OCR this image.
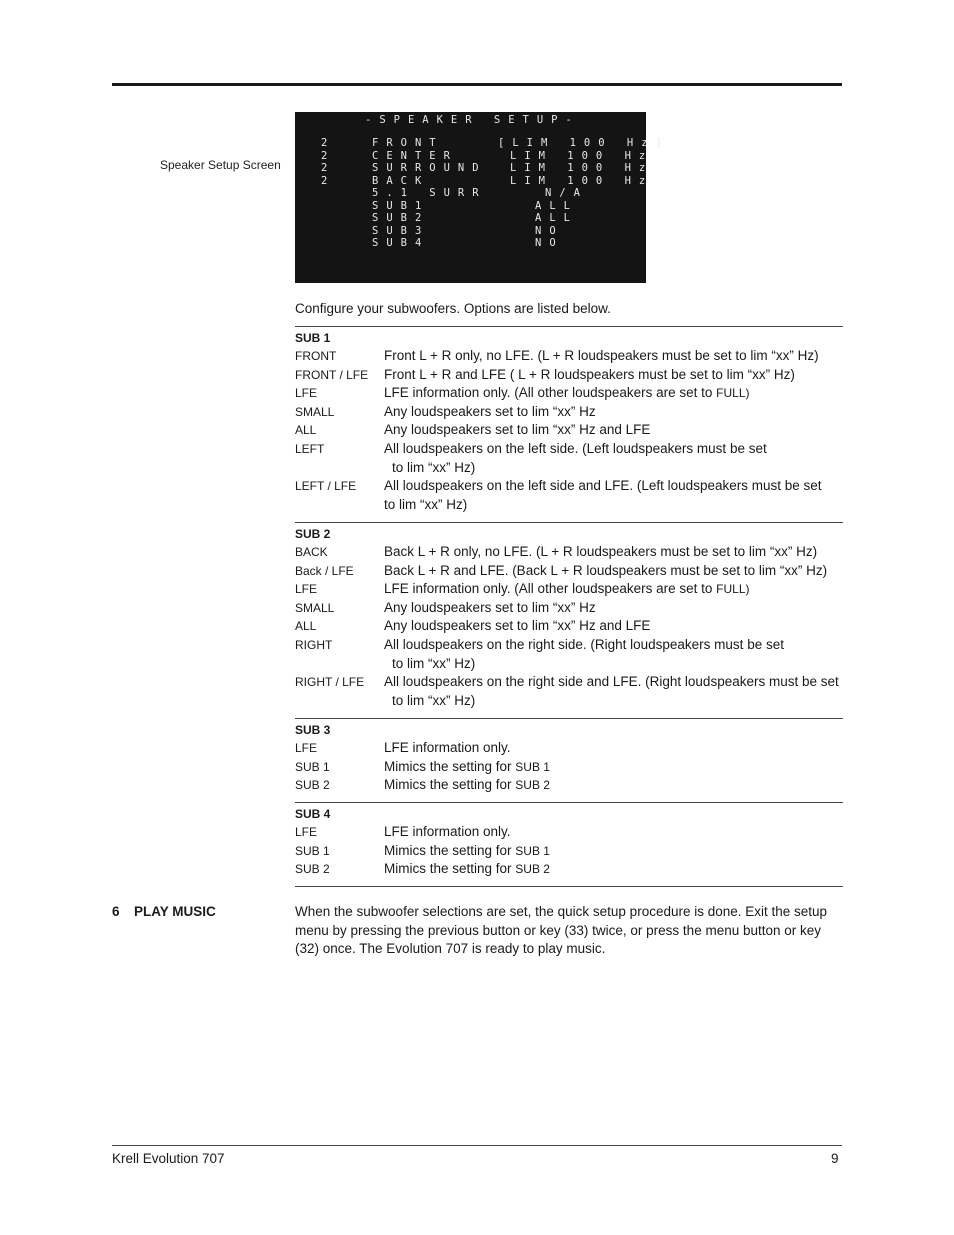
Speaker Setup Screen
-SPEAKER SETUP-
2	FRONT	[LIM 100 Hz]
2	CENTER	LIM 100 Hz
2	SURROUND LIM 100 Hz
2	BACK	LIM 100 Hz
5.1 SURR	N/A
SUB1	ALL
SUB2	ALL
SUB3	NO
SUB4	NO
Configure your subwoofers. Options are listed below.
SUB 1
FRONT	Front L + R only, no LFE. (L + R loudspeakers must be set to lim “xx” Hz)
FRONT / LFE	Front L + R and LFE ( L + R loudspeakers must be set to lim “xx” Hz)
LFE	LFE information only. (All other loudspeakers are set to FULL)
SMALL	Any loudspeakers set to lim “xx” Hz
ALL	Any loudspeakers set to lim “xx” Hz and LFE
LEFT	All loudspeakers on the left side. (Left loudspeakers must be set
to lim “xx” Hz)
LEFT / LFE	All loudspeakers on the left side and LFE. (Left loudspeakers must be set
to lim “xx” Hz)
SUB 2
BACK	Back L + R only, no LFE. (L + R loudspeakers must be set to lim “xx” Hz)
Back / LFE	Back L + R and LFE. (Back L + R loudspeakers must be set to lim “xx” Hz)
LFE	LFE information only. (All other loudspeakers are set to FULL)
SMALL	Any loudspeakers set to lim “xx” Hz
ALL	Any loudspeakers set to lim “xx” Hz and LFE
RIGHT	All loudspeakers on the right side. (Right loudspeakers must be set
to lim “xx” Hz)
RIGHT / LFE	All loudspeakers on the right side and LFE. (Right loudspeakers must be set
to lim “xx” Hz)
SUB 3
LFE	LFE information only.
SUB 1	Mimics the setting for SUB 1
SUB 2	Mimics the setting for SUB 2
SUB 4
LFE	LFE information only.
SUB 1	Mimics the setting for SUB 1
SUB 2	Mimics the setting for SUB 2
6 PLAY MUSIC	When the subwoofer selections are set, the quick setup procedure is done. Exit the setup menu by pressing the previous button or key (33) twice, or press the menu button or key (32) once. The Evolution 707 is ready to play music.
Krell Evolution 707	9
